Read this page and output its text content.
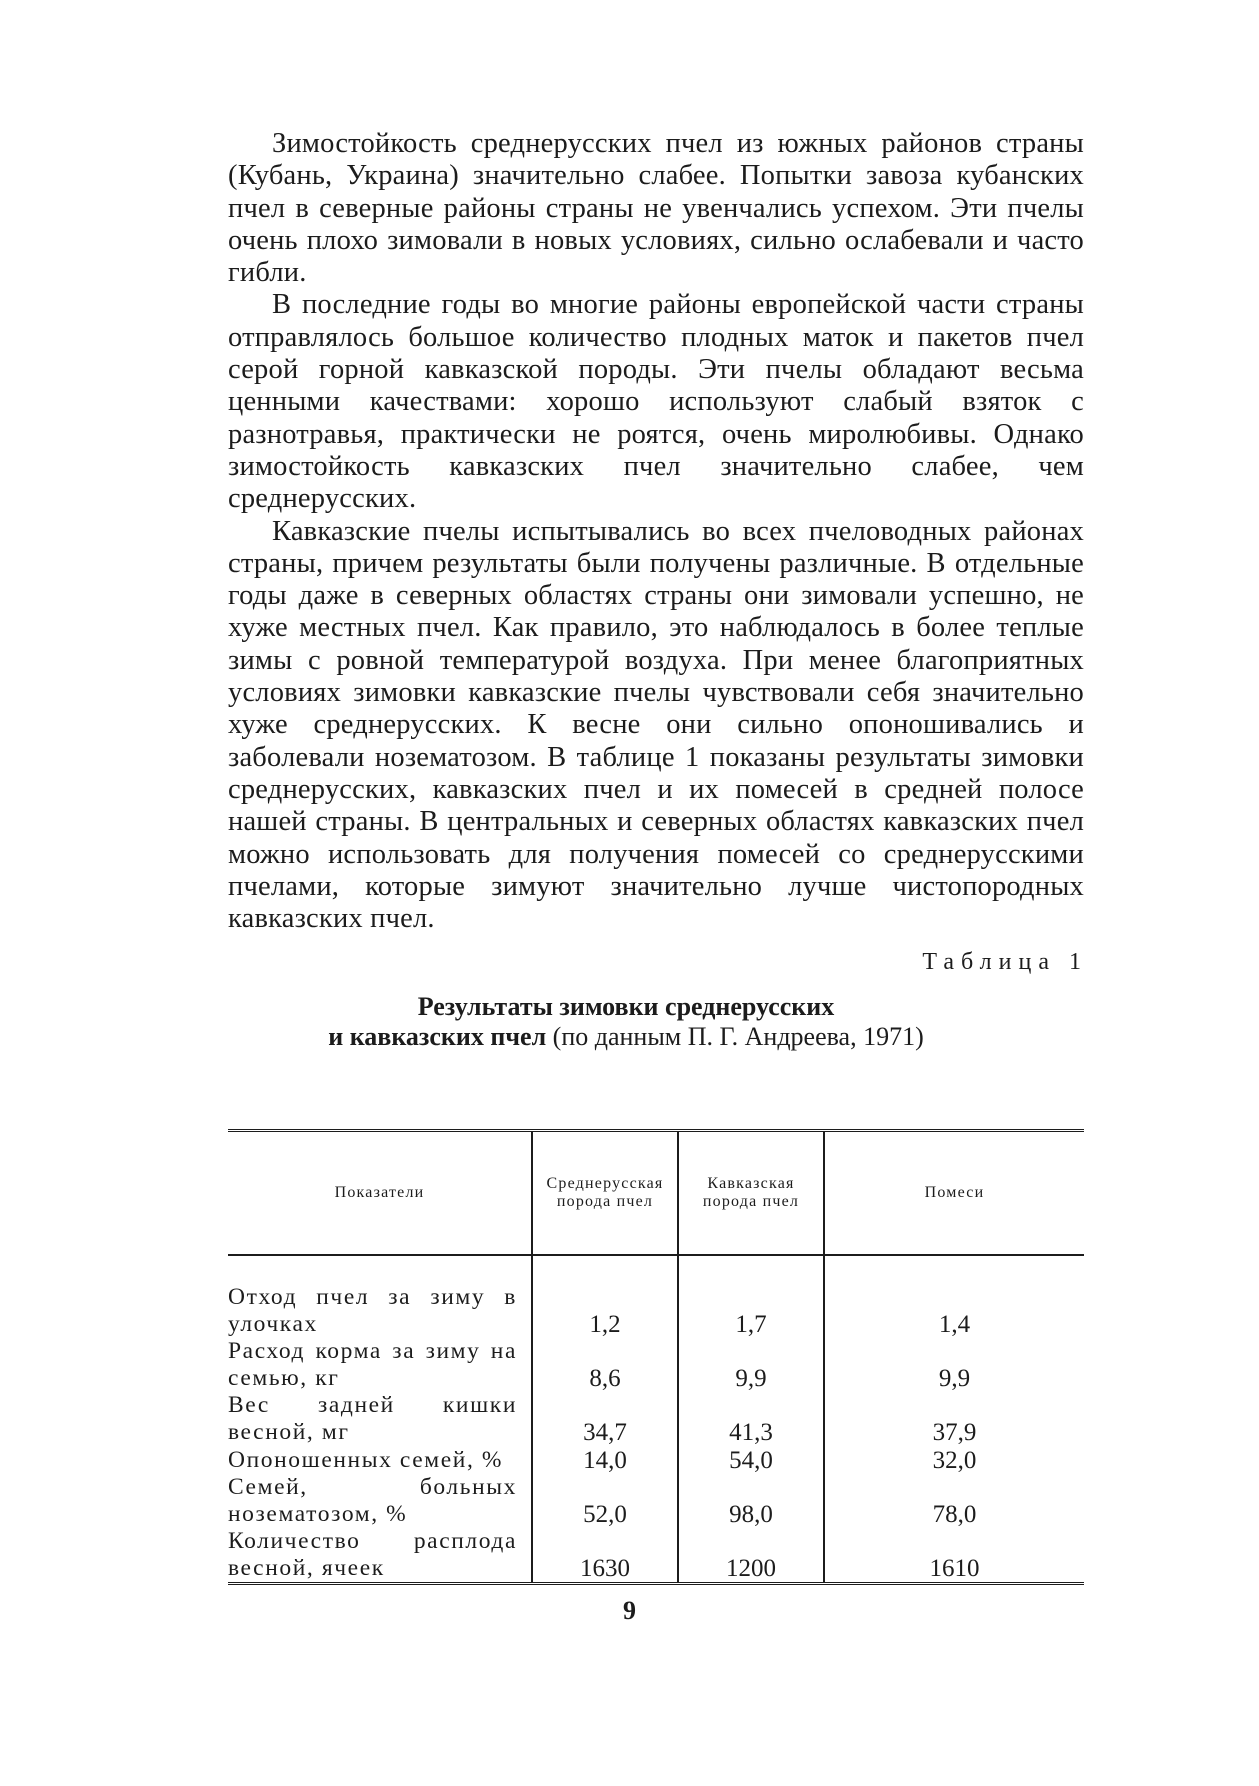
Зимостойкость среднерусских пчел из южных районов страны (Кубань, Украина) значительно слабее. Попытки завоза кубанских пчел в северные районы страны не увенчались успехом. Эти пчелы очень плохо зимовали в новых условиях, сильно ослабевали и часто гибли.

В последние годы во многие районы европейской части страны отправлялось большое количество плодных маток и пакетов пчел серой горной кавказской породы. Эти пчелы обладают весьма ценными качествами: хорошо используют слабый взяток с разнотравья, практически не роятся, очень миролюбивы. Однако зимостойкость кавказских пчел значительно слабее, чем среднерусских.

Кавказские пчелы испытывались во всех пчеловодных районах страны, причем результаты были получены различные. В отдельные годы даже в северных областях страны они зимовали успешно, не хуже местных пчел. Как правило, это наблюдалось в более теплые зимы с ровной температурой воздуха. При менее благоприятных условиях зимовки кавказские пчелы чувствовали себя значительно хуже среднерусских. К весне они сильно опоношивались и заболевали нозематозом. В таблице 1 показаны результаты зимовки среднерусских, кавказских пчел и их помесей в средней полосе нашей страны. В центральных и северных областях кавказских пчел можно использовать для получения помесей со среднерусскими пчелами, которые зимуют значительно лучше чистопородных кавказских пчел.

Таблица 1
Результаты зимовки среднерусских
и кавказских пчел (по данным П. Г. Андреева, 1971)
Показатели	Среднерусская порода пчел	Кавказская порода пчел	Помеси

Отход пчел за зиму в улочках	1,2	1,7	1,4
Расход корма за зиму на семью, кг	8,6	9,9	9,9
Вес задней кишки весной, мг	34,7	41,3	37,9
Опоношенных семей, %	14,0	54,0	32,0
Семей, больных нозематозом, %	52,0	98,0	78,0
Количество расплода весной, ячеек	1630	1200	1610
9
